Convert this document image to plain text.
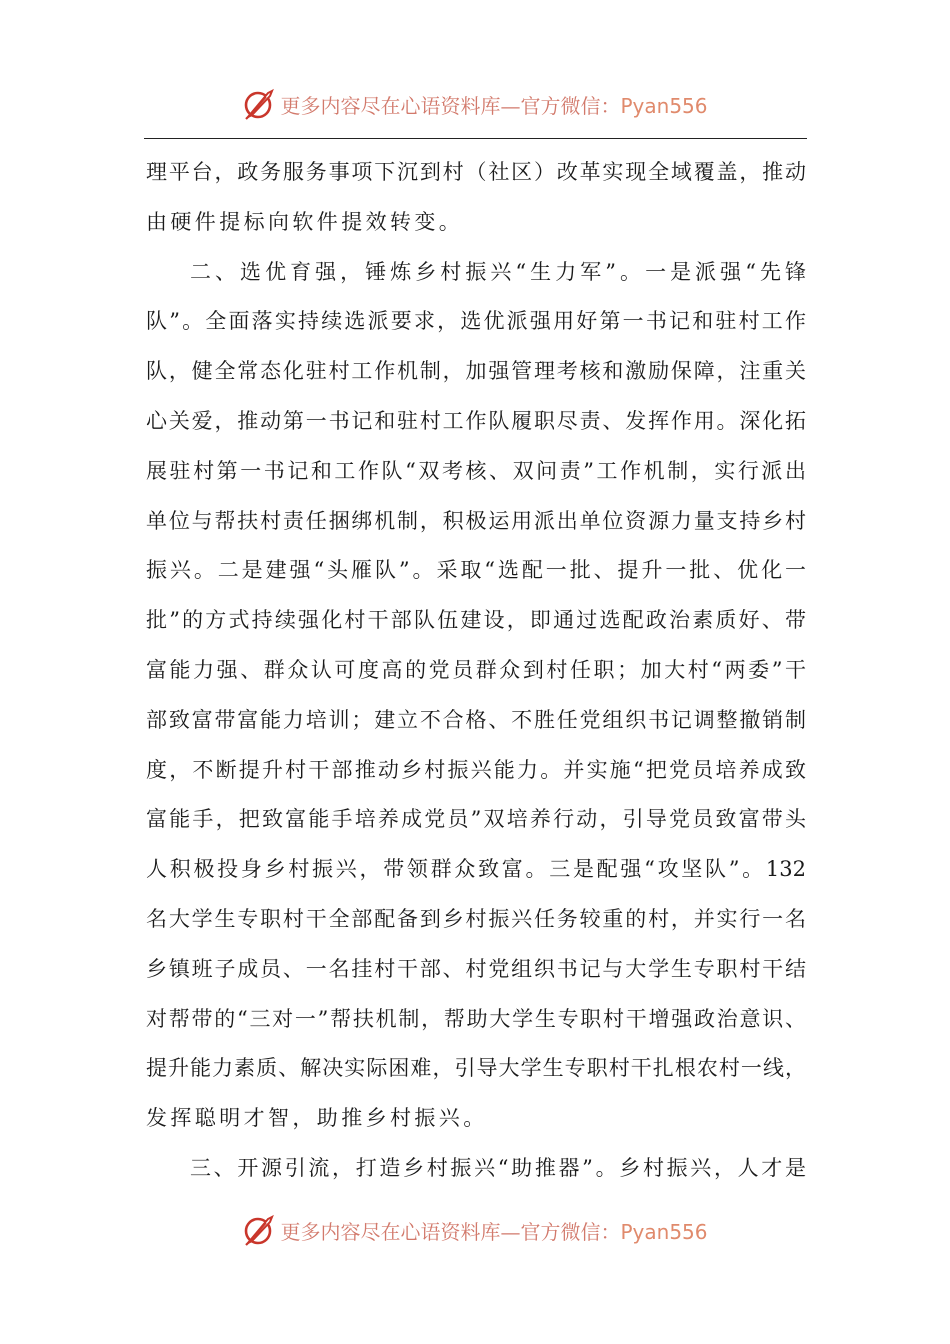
更多内容尽在心语资料库—官方微信：Pyan556
理平台，政务服务事项下沉到村（社区）改革实现全域覆盖，推动
由硬件提标向软件提效转变。
二、选优育强，锤炼乡村振兴“生力军”。一是派强“先锋
队”。全面落实持续选派要求，选优派强用好第一书记和驻村工作
队，健全常态化驻村工作机制，加强管理考核和激励保障，注重关
心关爱，推动第一书记和驻村工作队履职尽责、发挥作用。深化拓
展驻村第一书记和工作队“双考核、双问责”工作机制，实行派出
单位与帮扶村责任捆绑机制，积极运用派出单位资源力量支持乡村
振兴。二是建强“头雁队”。采取“选配一批、提升一批、优化一
批”的方式持续强化村干部队伍建设，即通过选配政治素质好、带
富能力强、群众认可度高的党员群众到村任职；加大村“两委”干
部致富带富能力培训；建立不合格、不胜任党组织书记调整撤销制
度，不断提升村干部推动乡村振兴能力。并实施“把党员培养成致
富能手，把致富能手培养成党员”双培养行动，引导党员致富带头
人积极投身乡村振兴，带领群众致富。三是配强“攻坚队”。132
名大学生专职村干全部配备到乡村振兴任务较重的村，并实行一名
乡镇班子成员、一名挂村干部、村党组织书记与大学生专职村干结
对帮带的“三对一”帮扶机制，帮助大学生专职村干增强政治意识、
提升能力素质、解决实际困难，引导大学生专职村干扎根农村一线，
发挥聪明才智，助推乡村振兴。
三、开源引流，打造乡村振兴“助推器”。乡村振兴，人才是
更多内容尽在心语资料库—官方微信：Pyan556
